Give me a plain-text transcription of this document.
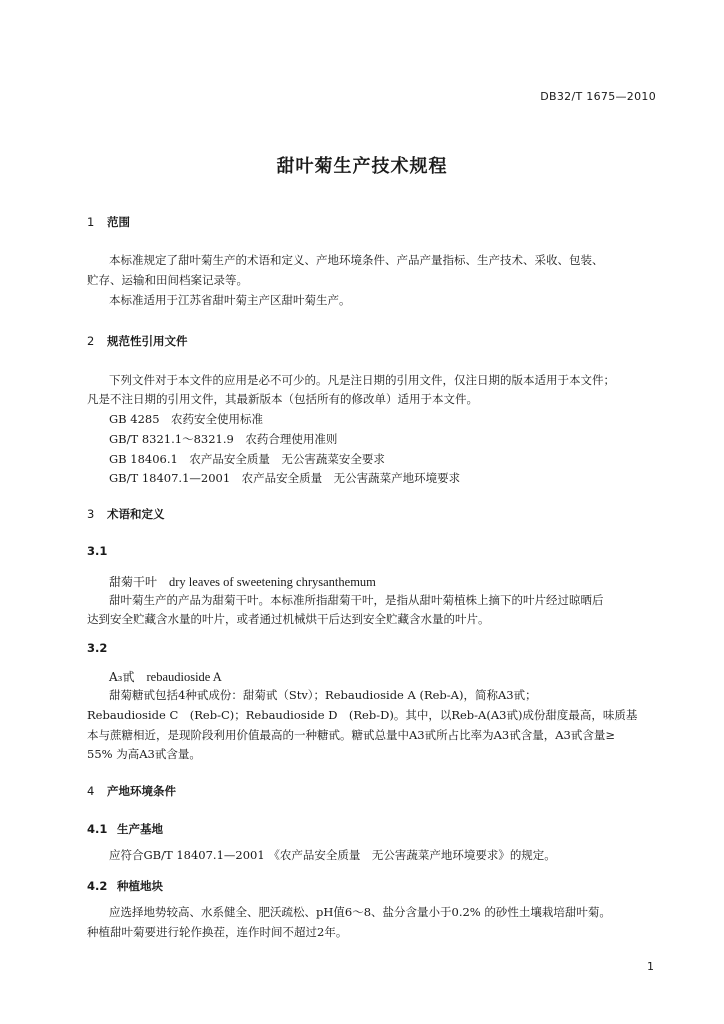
DB32/T 1675—2010
甜叶菊生产技术规程
1 范围
本标准规定了甜叶菊生产的术语和定义、产地环境条件、产品产量指标、生产技术、采收、包装、
贮存、运输和田间档案记录等。
本标准适用于江苏省甜叶菊主产区甜叶菊生产。
2 规范性引用文件
下列文件对于本文件的应用是必不可少的。凡是注日期的引用文件，仅注日期的版本适用于本文件；
凡是不注日期的引用文件，其最新版本（包括所有的修改单）适用于本文件。
GB 4285　农药安全使用标准
GB/T 8321.1～8321.9　农药合理使用准则
GB 18406.1　农产品安全质量　无公害蔬菜安全要求
GB/T 18407.1—2001　农产品安全质量　无公害蔬菜产地环境要求
3 术语和定义
3.1
甜菊干叶 dry leaves of sweetening chrysanthemum
甜叶菊生产的产品为甜菊干叶。本标准所指甜菊干叶，是指从甜叶菊植株上摘下的叶片经过晾晒后
达到安全贮藏含水量的叶片，或者通过机械烘干后达到安全贮藏含水量的叶片。
3.2
A₃甙 rebaudioside A
甜菊糖甙包括4种甙成份：甜菊甙（Stv）；Rebaudioside A (Reb-A)，简称A3甙；
Rebaudioside C　(Reb-C)；Rebaudioside D　(Reb-D)。其中，以Reb-A(A3甙)成份甜度最高，味质基
本与蔗糖相近，是现阶段利用价值最高的一种糖甙。糖甙总量中A3甙所占比率为A3甙含量，A3甙含量≥
55% 为高A3甙含量。
4 产地环境条件
4.1 生产基地
应符合GB/T 18407.1—2001 《农产品安全质量　无公害蔬菜产地环境要求》的规定。
4.2 种植地块
应选择地势较高、水系健全、肥沃疏松、pH值6～8、盐分含量小于0.2% 的砂性土壤栽培甜叶菊。
种植甜叶菊要进行轮作换茬，连作时间不超过2年。
1
